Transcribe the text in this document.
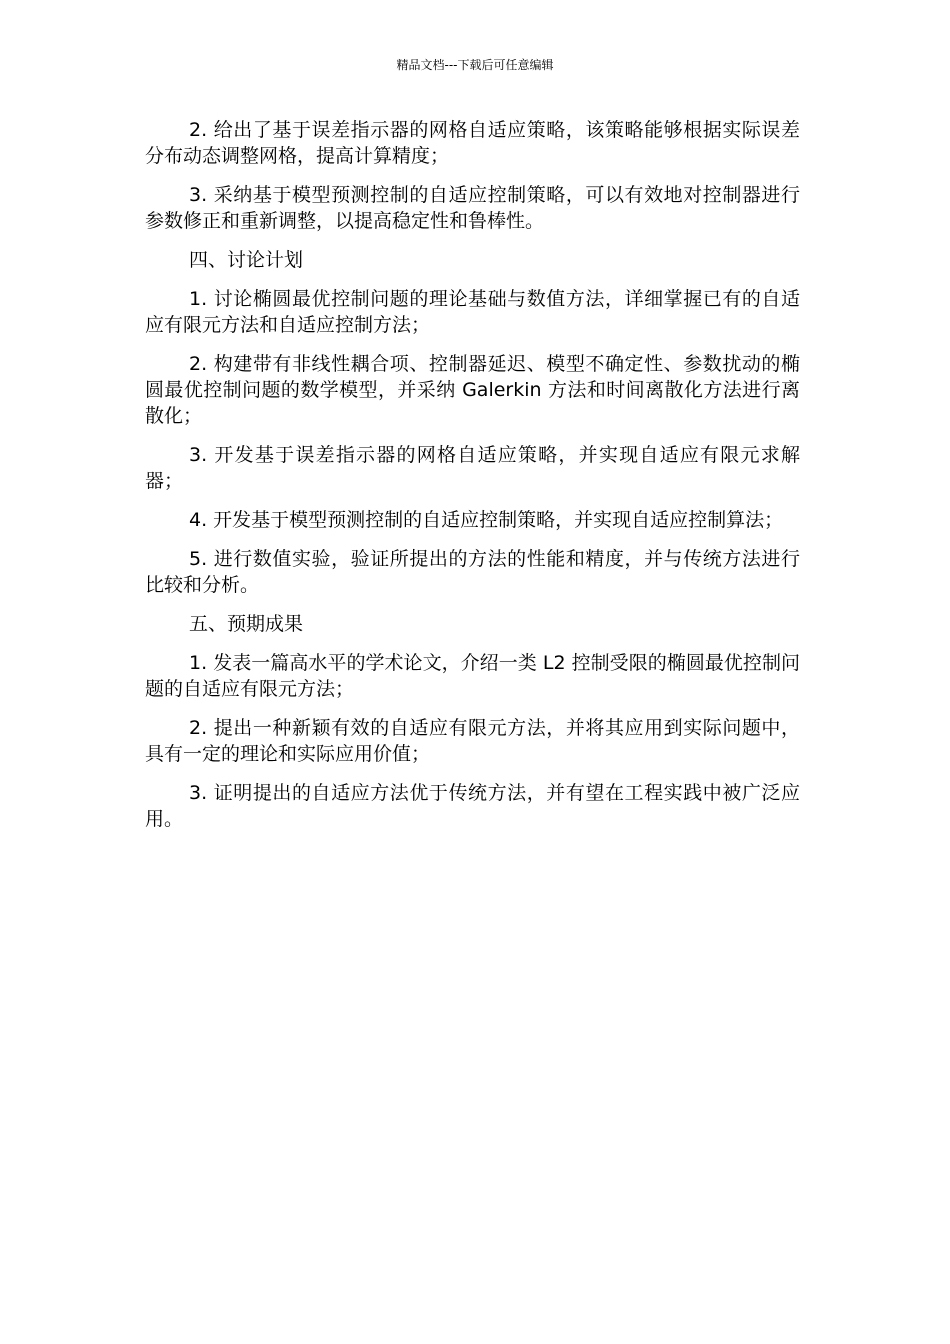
精品文档---下载后可任意编辑

2. 给出了基于误差指示器的网格自适应策略，该策略能够根据实际误差分布动态调整网格，提高计算精度；

3. 采纳基于模型预测控制的自适应控制策略，可以有效地对控制器进行参数修正和重新调整，以提高稳定性和鲁棒性。

四、讨论计划

1. 讨论椭圆最优控制问题的理论基础与数值方法，详细掌握已有的自适应有限元方法和自适应控制方法；

2. 构建带有非线性耦合项、控制器延迟、模型不确定性、参数扰动的椭圆最优控制问题的数学模型，并采纳 Galerkin 方法和时间离散化方法进行离散化；

3. 开发基于误差指示器的网格自适应策略，并实现自适应有限元求解器；

4. 开发基于模型预测控制的自适应控制策略，并实现自适应控制算法；

5. 进行数值实验，验证所提出的方法的性能和精度，并与传统方法进行比较和分析。

五、预期成果

1. 发表一篇高水平的学术论文，介绍一类 L2 控制受限的椭圆最优控制问题的自适应有限元方法；

2. 提出一种新颖有效的自适应有限元方法，并将其应用到实际问题中，具有一定的理论和实际应用价值；

3. 证明提出的自适应方法优于传统方法，并有望在工程实践中被广泛应用。
